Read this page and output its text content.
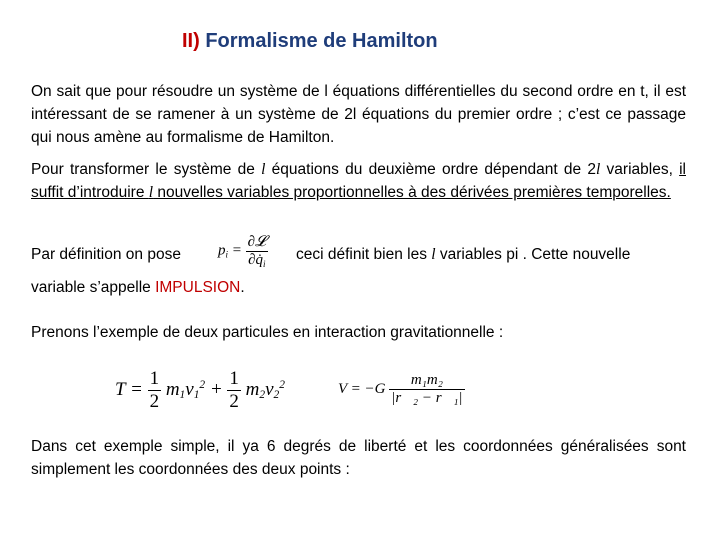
II) Formalisme de Hamilton
On sait que pour résoudre un système de l équations différentielles du second ordre en t, il est intéressant de se ramener à un système de 2l équations du premier ordre ; c’est ce passage qui nous amène au formalisme de Hamilton.
Pour transformer le système de l équations du deuxième ordre dépendant de 2l variables, il suffit d’introduire l nouvelles variables proportionnelles à des dérivées premières temporelles.
Par définition on pose	$p_i = \frac{\text{∂𝓛}}{\partial q̇_i}$ ceci définit bien les l variables pi . Cette nouvelle
variable s’appelle IMPULSION.
Prenons l’exemple de deux particules en interaction gravitationnelle :
$T = \frac{1}{2} m_1v_1^2 + \frac{1}{2} m_2v_2^2$	$V = -G \frac{\text{m₁m₂}}{\text{|r⃗₂ − r⃗₁|}}$
Dans cet exemple simple, il ya 6 degrés de liberté et les coordonnées généralisées sont simplement les coordonnées des deux points :
